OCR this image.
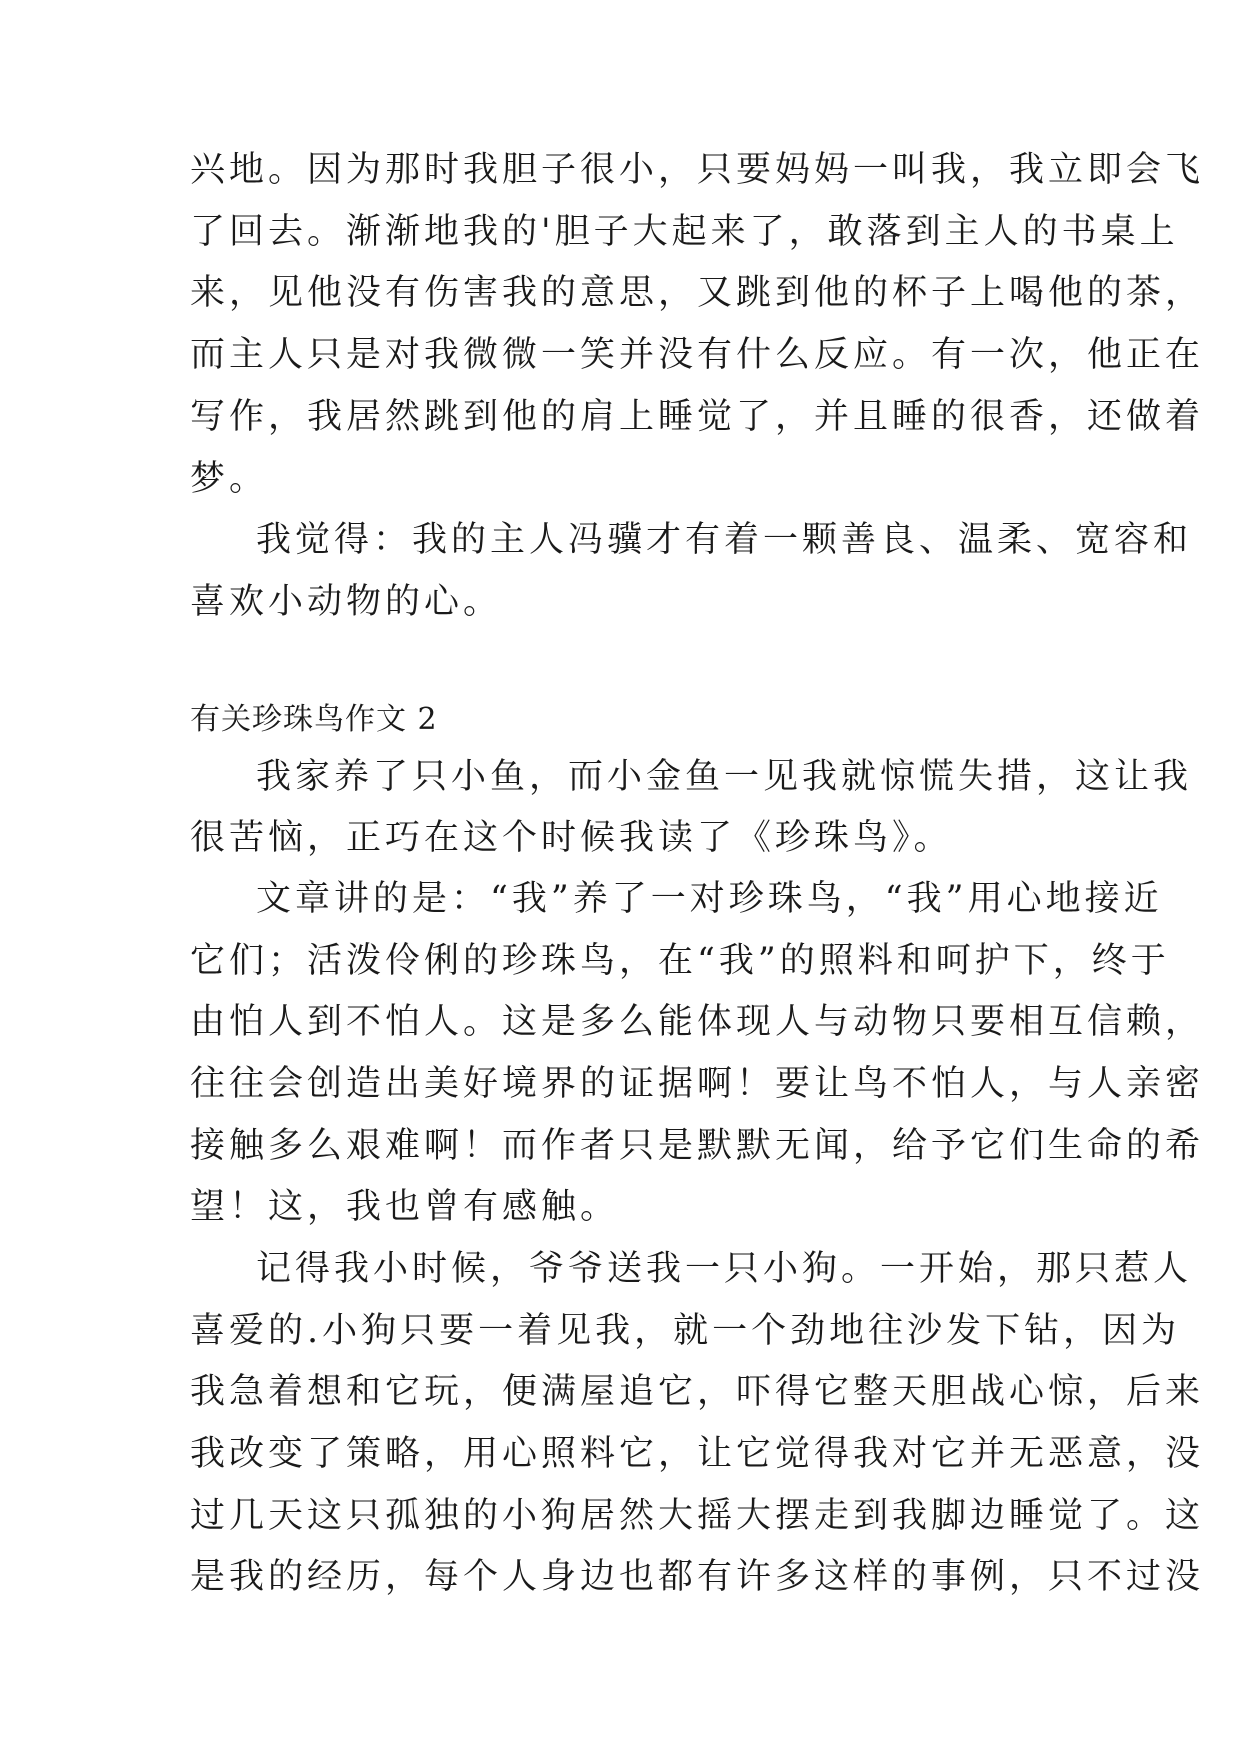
兴地。因为那时我胆子很小，只要妈妈一叫我，我立即会飞

了回去。渐渐地我的'胆子大起来了，敢落到主人的书桌上

来，见他没有伤害我的意思，又跳到他的杯子上喝他的茶，

而主人只是对我微微一笑并没有什么反应。有一次，他正在

写作，我居然跳到他的肩上睡觉了，并且睡的很香，还做着

梦。

我觉得：我的主人冯骥才有着一颗善良、温柔、宽容和

喜欢小动物的心。

有关珍珠鸟作文 2

我家养了只小鱼，而小金鱼一见我就惊慌失措，这让我

很苦恼，正巧在这个时候我读了《珍珠鸟》。

文章讲的是：“我”养了一对珍珠鸟，“我”用心地接近

它们；活泼伶俐的珍珠鸟，在“我”的照料和呵护下，终于

由怕人到不怕人。这是多么能体现人与动物只要相互信赖，

往往会创造出美好境界的证据啊！要让鸟不怕人，与人亲密

接触多么艰难啊！而作者只是默默无闻，给予它们生命的希

望！这，我也曾有感触。

记得我小时候，爷爷送我一只小狗。一开始，那只惹人

喜爱的.小狗只要一着见我，就一个劲地往沙发下钻，因为

我急着想和它玩，便满屋追它，吓得它整天胆战心惊，后来

我改变了策略，用心照料它，让它觉得我对它并无恶意，没

过几天这只孤独的小狗居然大摇大摆走到我脚边睡觉了。这

是我的经历，每个人身边也都有许多这样的事例，只不过没
